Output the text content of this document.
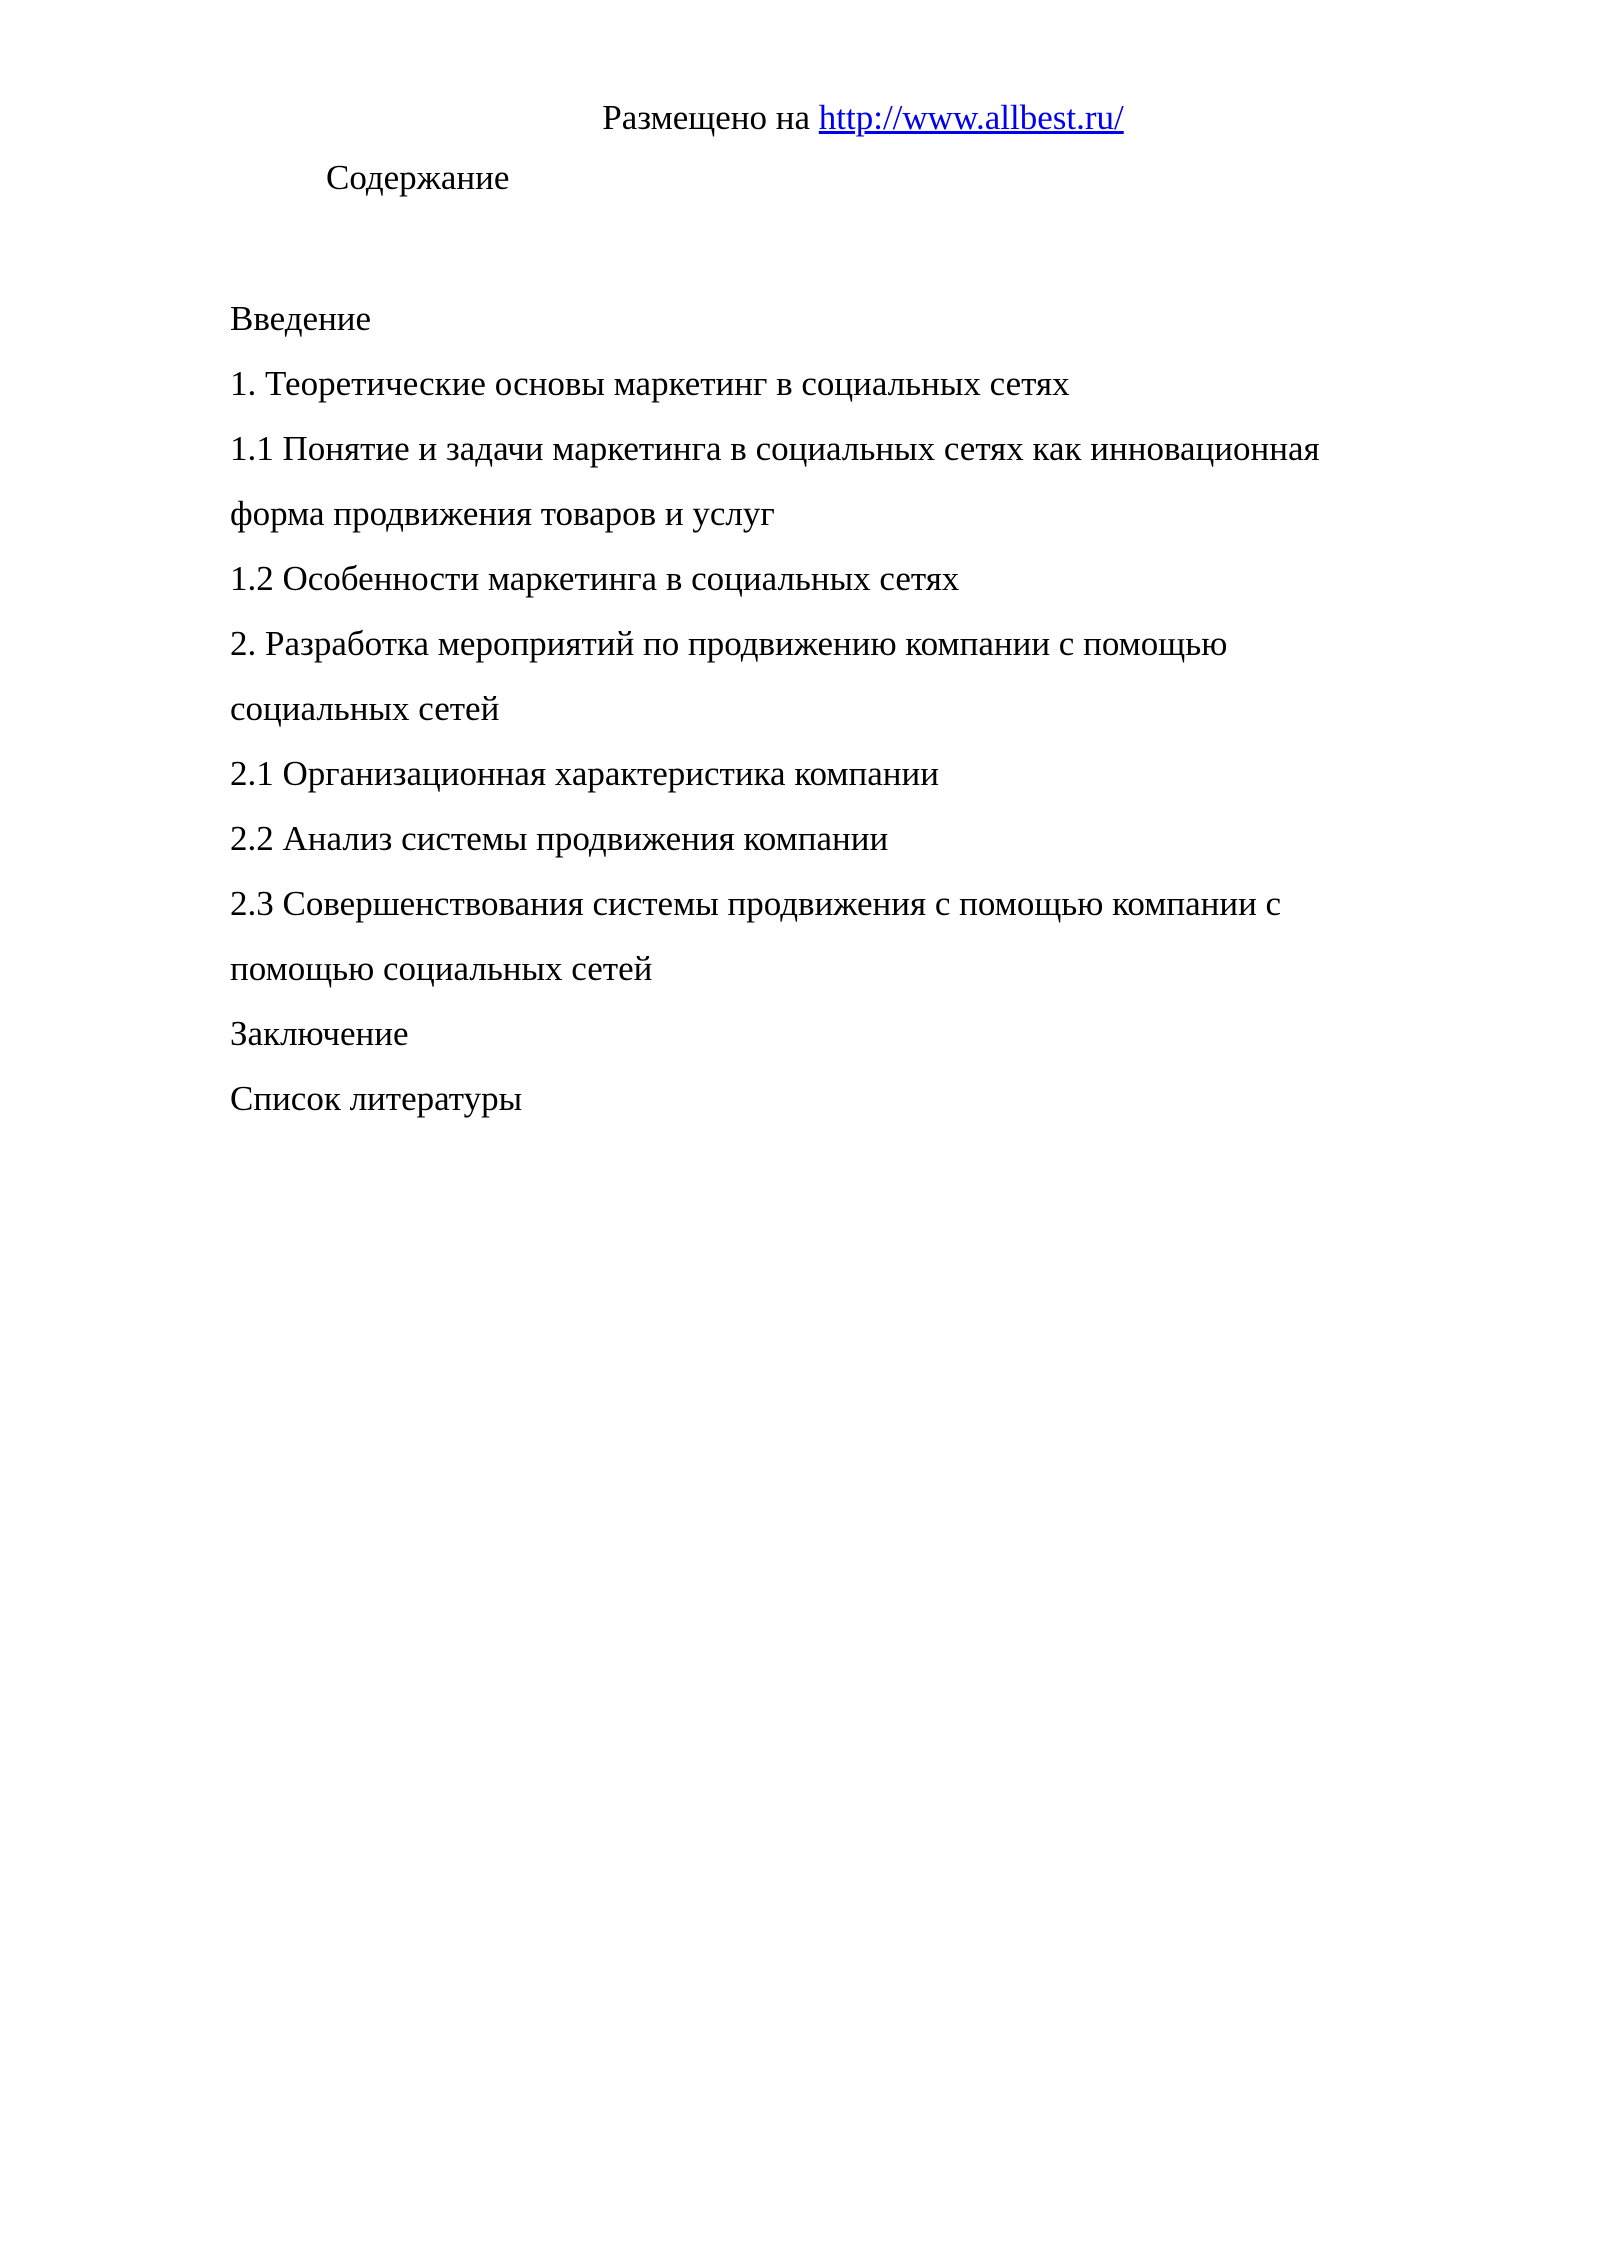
Размещено на http://www.allbest.ru/
Содержание
Введение
1. Теоретические основы маркетинг в социальных сетях
1.1 Понятие и задачи маркетинга в социальных сетях как инновационная
форма продвижения товаров и услуг
1.2 Особенности маркетинга в социальных сетях
2. Разработка мероприятий по продвижению компании с помощью
социальных сетей
2.1 Организационная характеристика компании
2.2 Анализ системы продвижения компании
2.3 Совершенствования системы продвижения с помощью компании с
помощью социальных сетей
Заключение
Список литературы
